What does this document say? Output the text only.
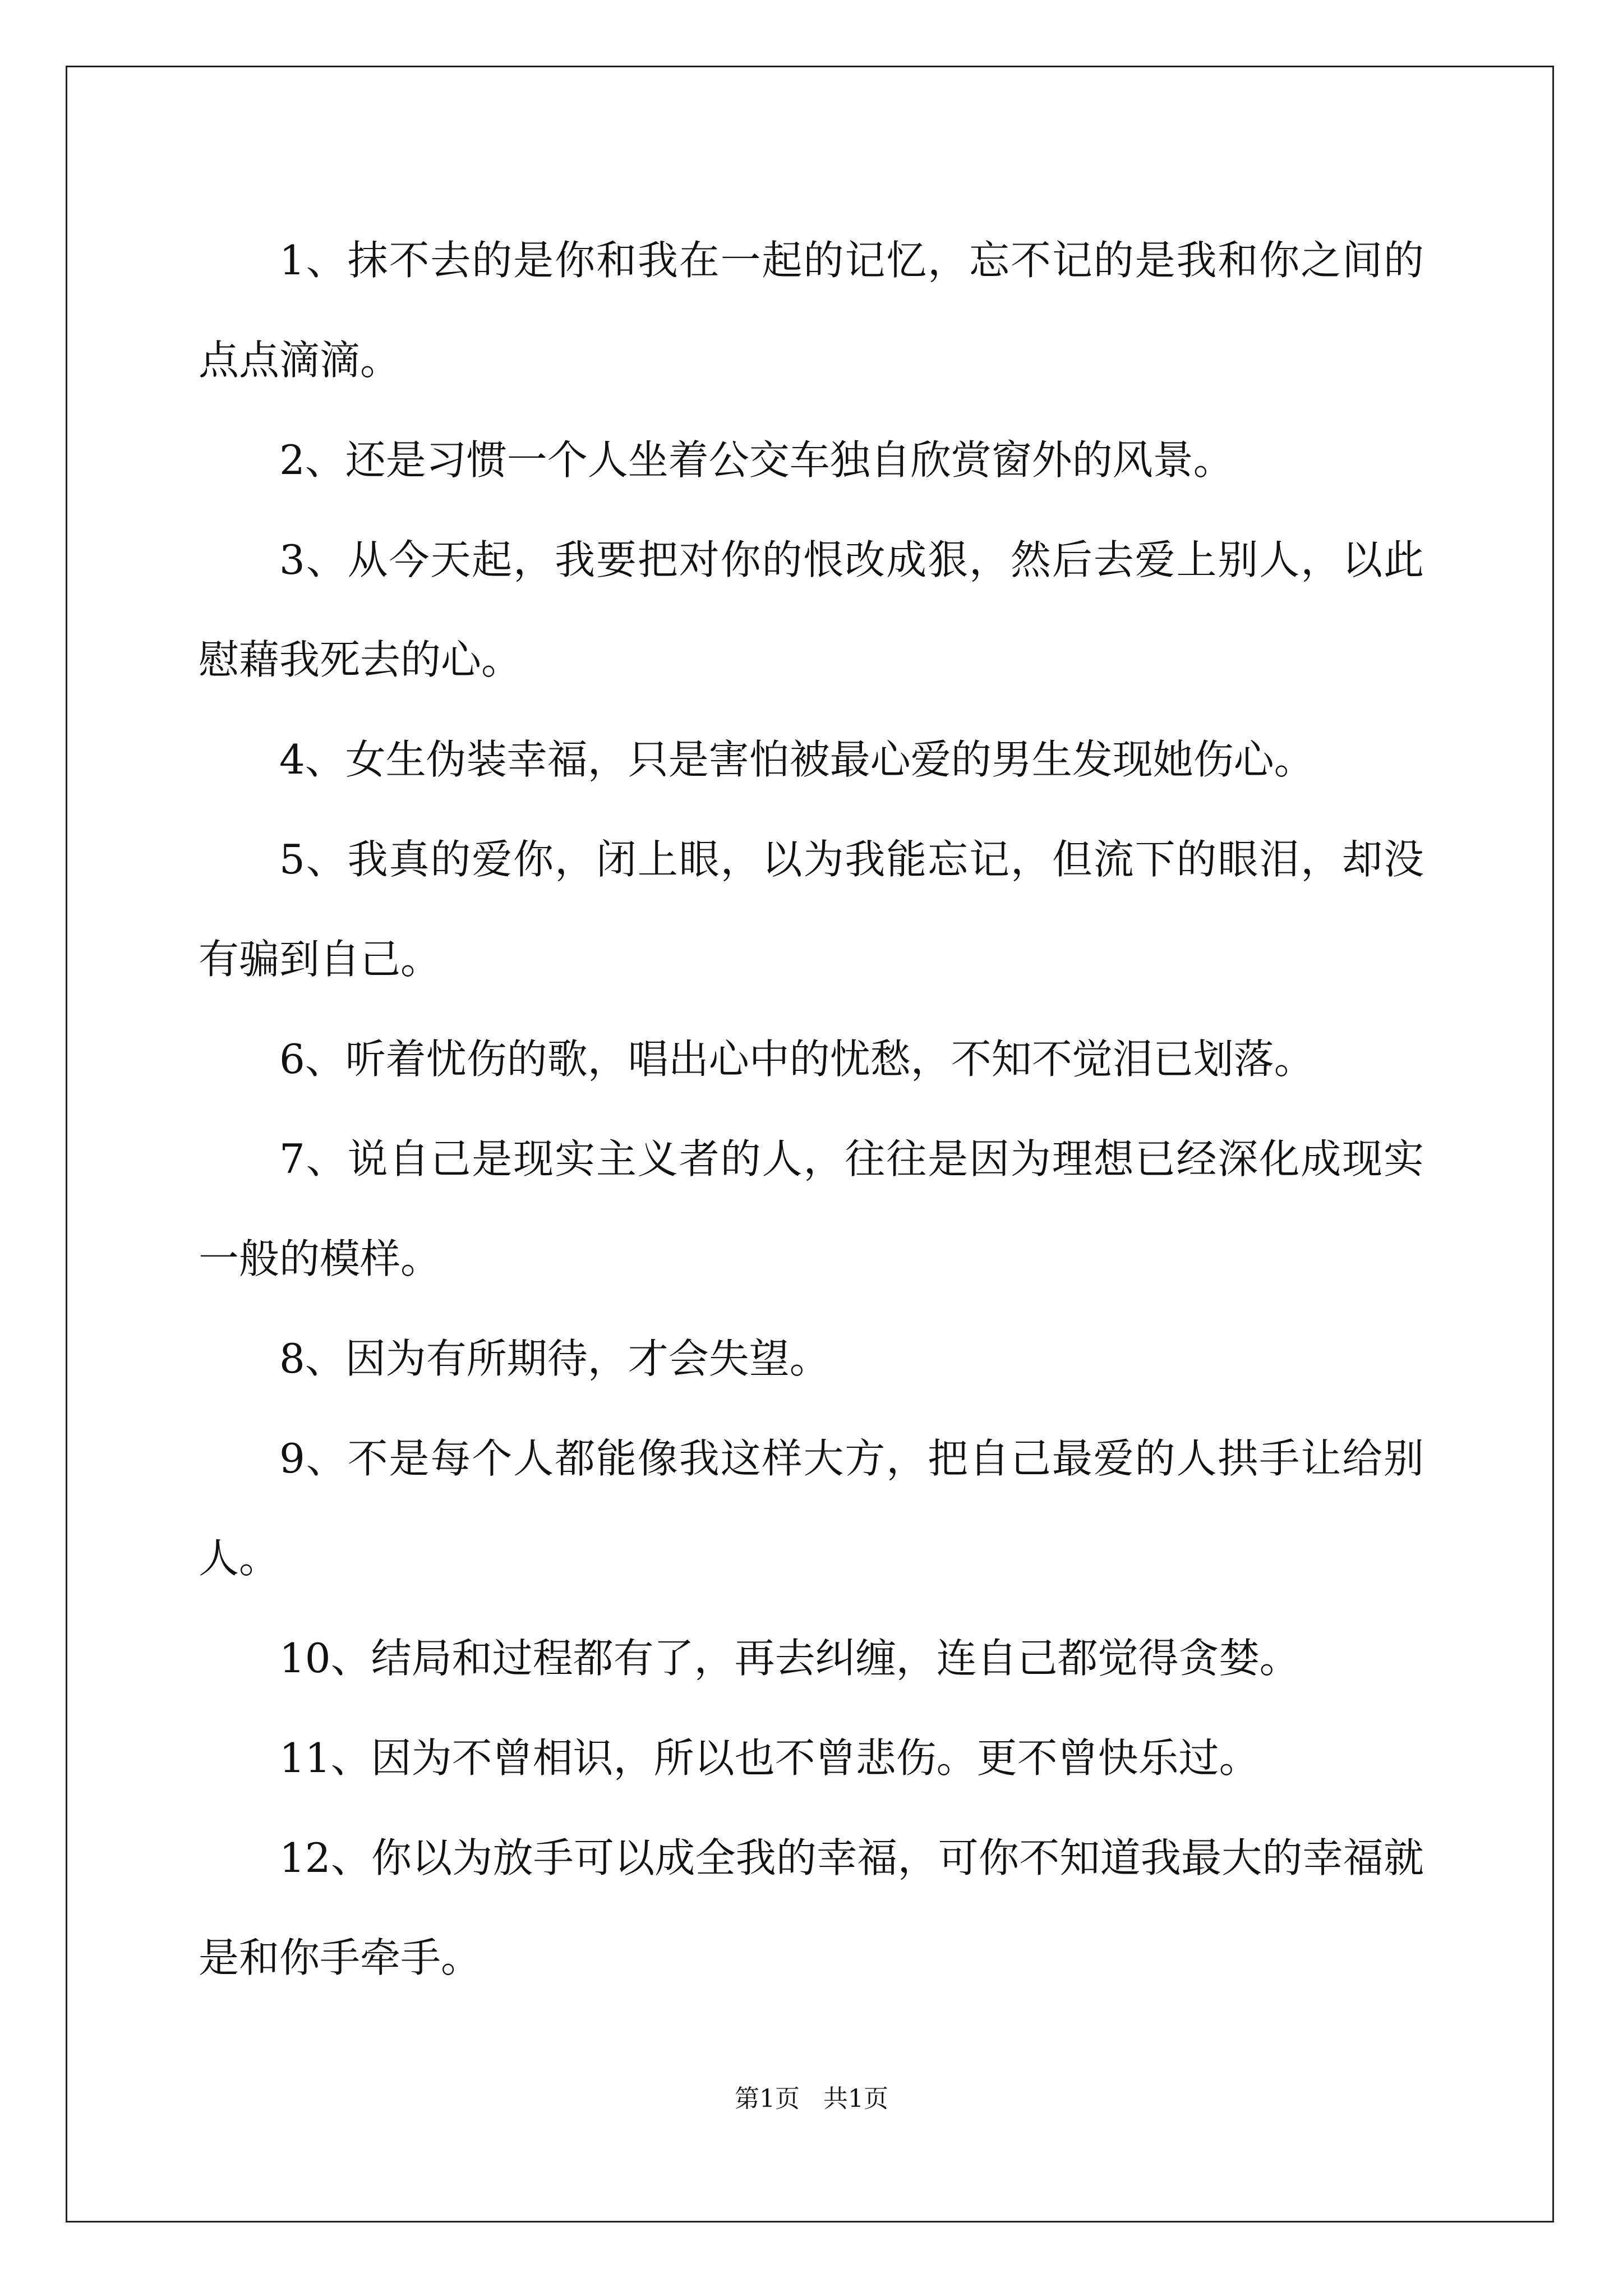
1、抹不去的是你和我在一起的记忆，忘不记的是我和你之间的点点滴滴。

2、还是习惯一个人坐着公交车独自欣赏窗外的风景。

3、从今天起，我要把对你的恨改成狠，然后去爱上别人，以此慰藉我死去的心。

4、女生伪装幸福，只是害怕被最心爱的男生发现她伤心。

5、我真的爱你，闭上眼，以为我能忘记，但流下的眼泪，却没有骗到自己。

6、听着忧伤的歌，唱出心中的忧愁，不知不觉泪已划落。

7、说自己是现实主义者的人，往往是因为理想已经深化成现实一般的模样。

8、因为有所期待，才会失望。

9、不是每个人都能像我这样大方，把自己最爱的人拱手让给别人。

10、结局和过程都有了，再去纠缠，连自己都觉得贪婪。

11、因为不曾相识，所以也不曾悲伤。更不曾快乐过。

12、你以为放手可以成全我的幸福，可你不知道我最大的幸福就是和你手牵手。

第1页   共1页
